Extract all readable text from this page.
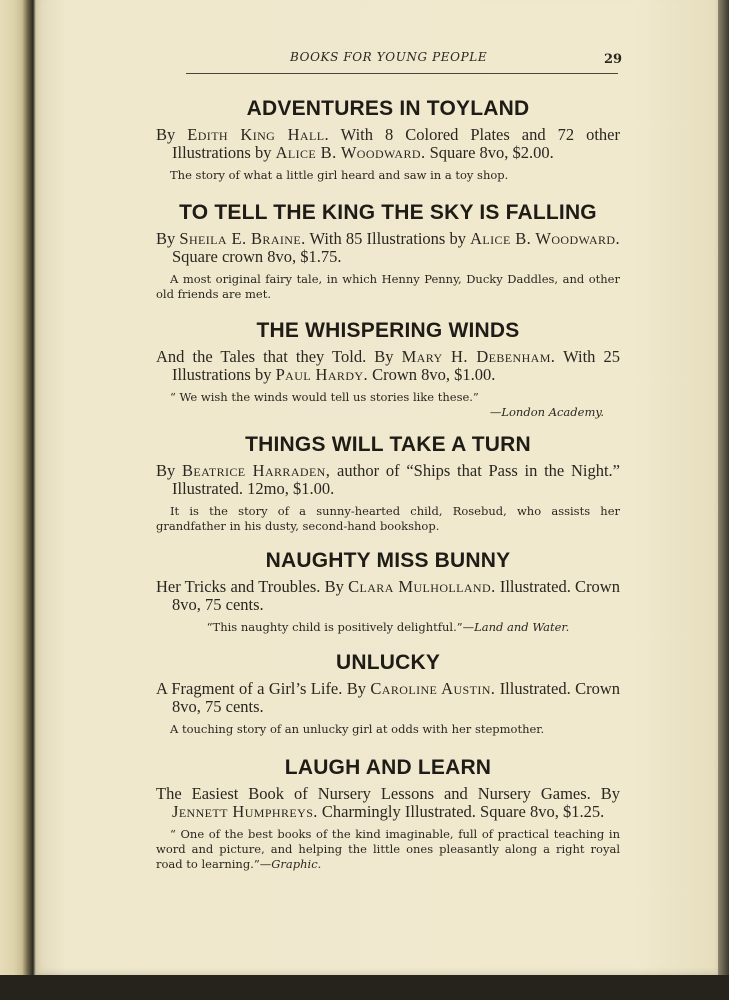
BOOKS FOR YOUNG PEOPLE	29
ADVENTURES IN TOYLAND

By Edith King Hall. With 8 Colored Plates and 72 other Illustrations by Alice B. Woodward. Square 8vo, $2.00.

The story of what a little girl heard and saw in a toy shop.

TO TELL THE KING THE SKY IS FALLING

By Sheila E. Braine. With 85 Illustrations by Alice B. Woodward. Square crown 8vo, $1.75.

A most original fairy tale, in which Henny Penny, Ducky Daddles, and other old friends are met.

THE WHISPERING WINDS

And the Tales that they Told. By Mary H. Debenham. With 25 Illustrations by Paul Hardy. Crown 8vo, $1.00.

“ We wish the winds would tell us stories like these.”

—London Academy.

THINGS WILL TAKE A TURN

By Beatrice Harraden, author of “Ships that Pass in the Night.” Illustrated. 12mo, $1.00.

It is the story of a sunny-hearted child, Rosebud, who assists her grandfather in his dusty, second-hand bookshop.

NAUGHTY MISS BUNNY

Her Tricks and Troubles. By Clara Mulholland. Illustrated. Crown 8vo, 75 cents.

“This naughty child is positively delightful.”—Land and Water.

UNLUCKY

A Fragment of a Girl’s Life. By Caroline Austin. Illustrated. Crown 8vo, 75 cents.

A touching story of an unlucky girl at odds with her stepmother.

LAUGH AND LEARN

The Easiest Book of Nursery Lessons and Nursery Games. By Jennett Humphreys. Charmingly Illustrated. Square 8vo, $1.25.

“ One of the best books of the kind imaginable, full of practical teaching in word and picture, and helping the little ones pleasantly along a right royal road to learning.”—Graphic.
